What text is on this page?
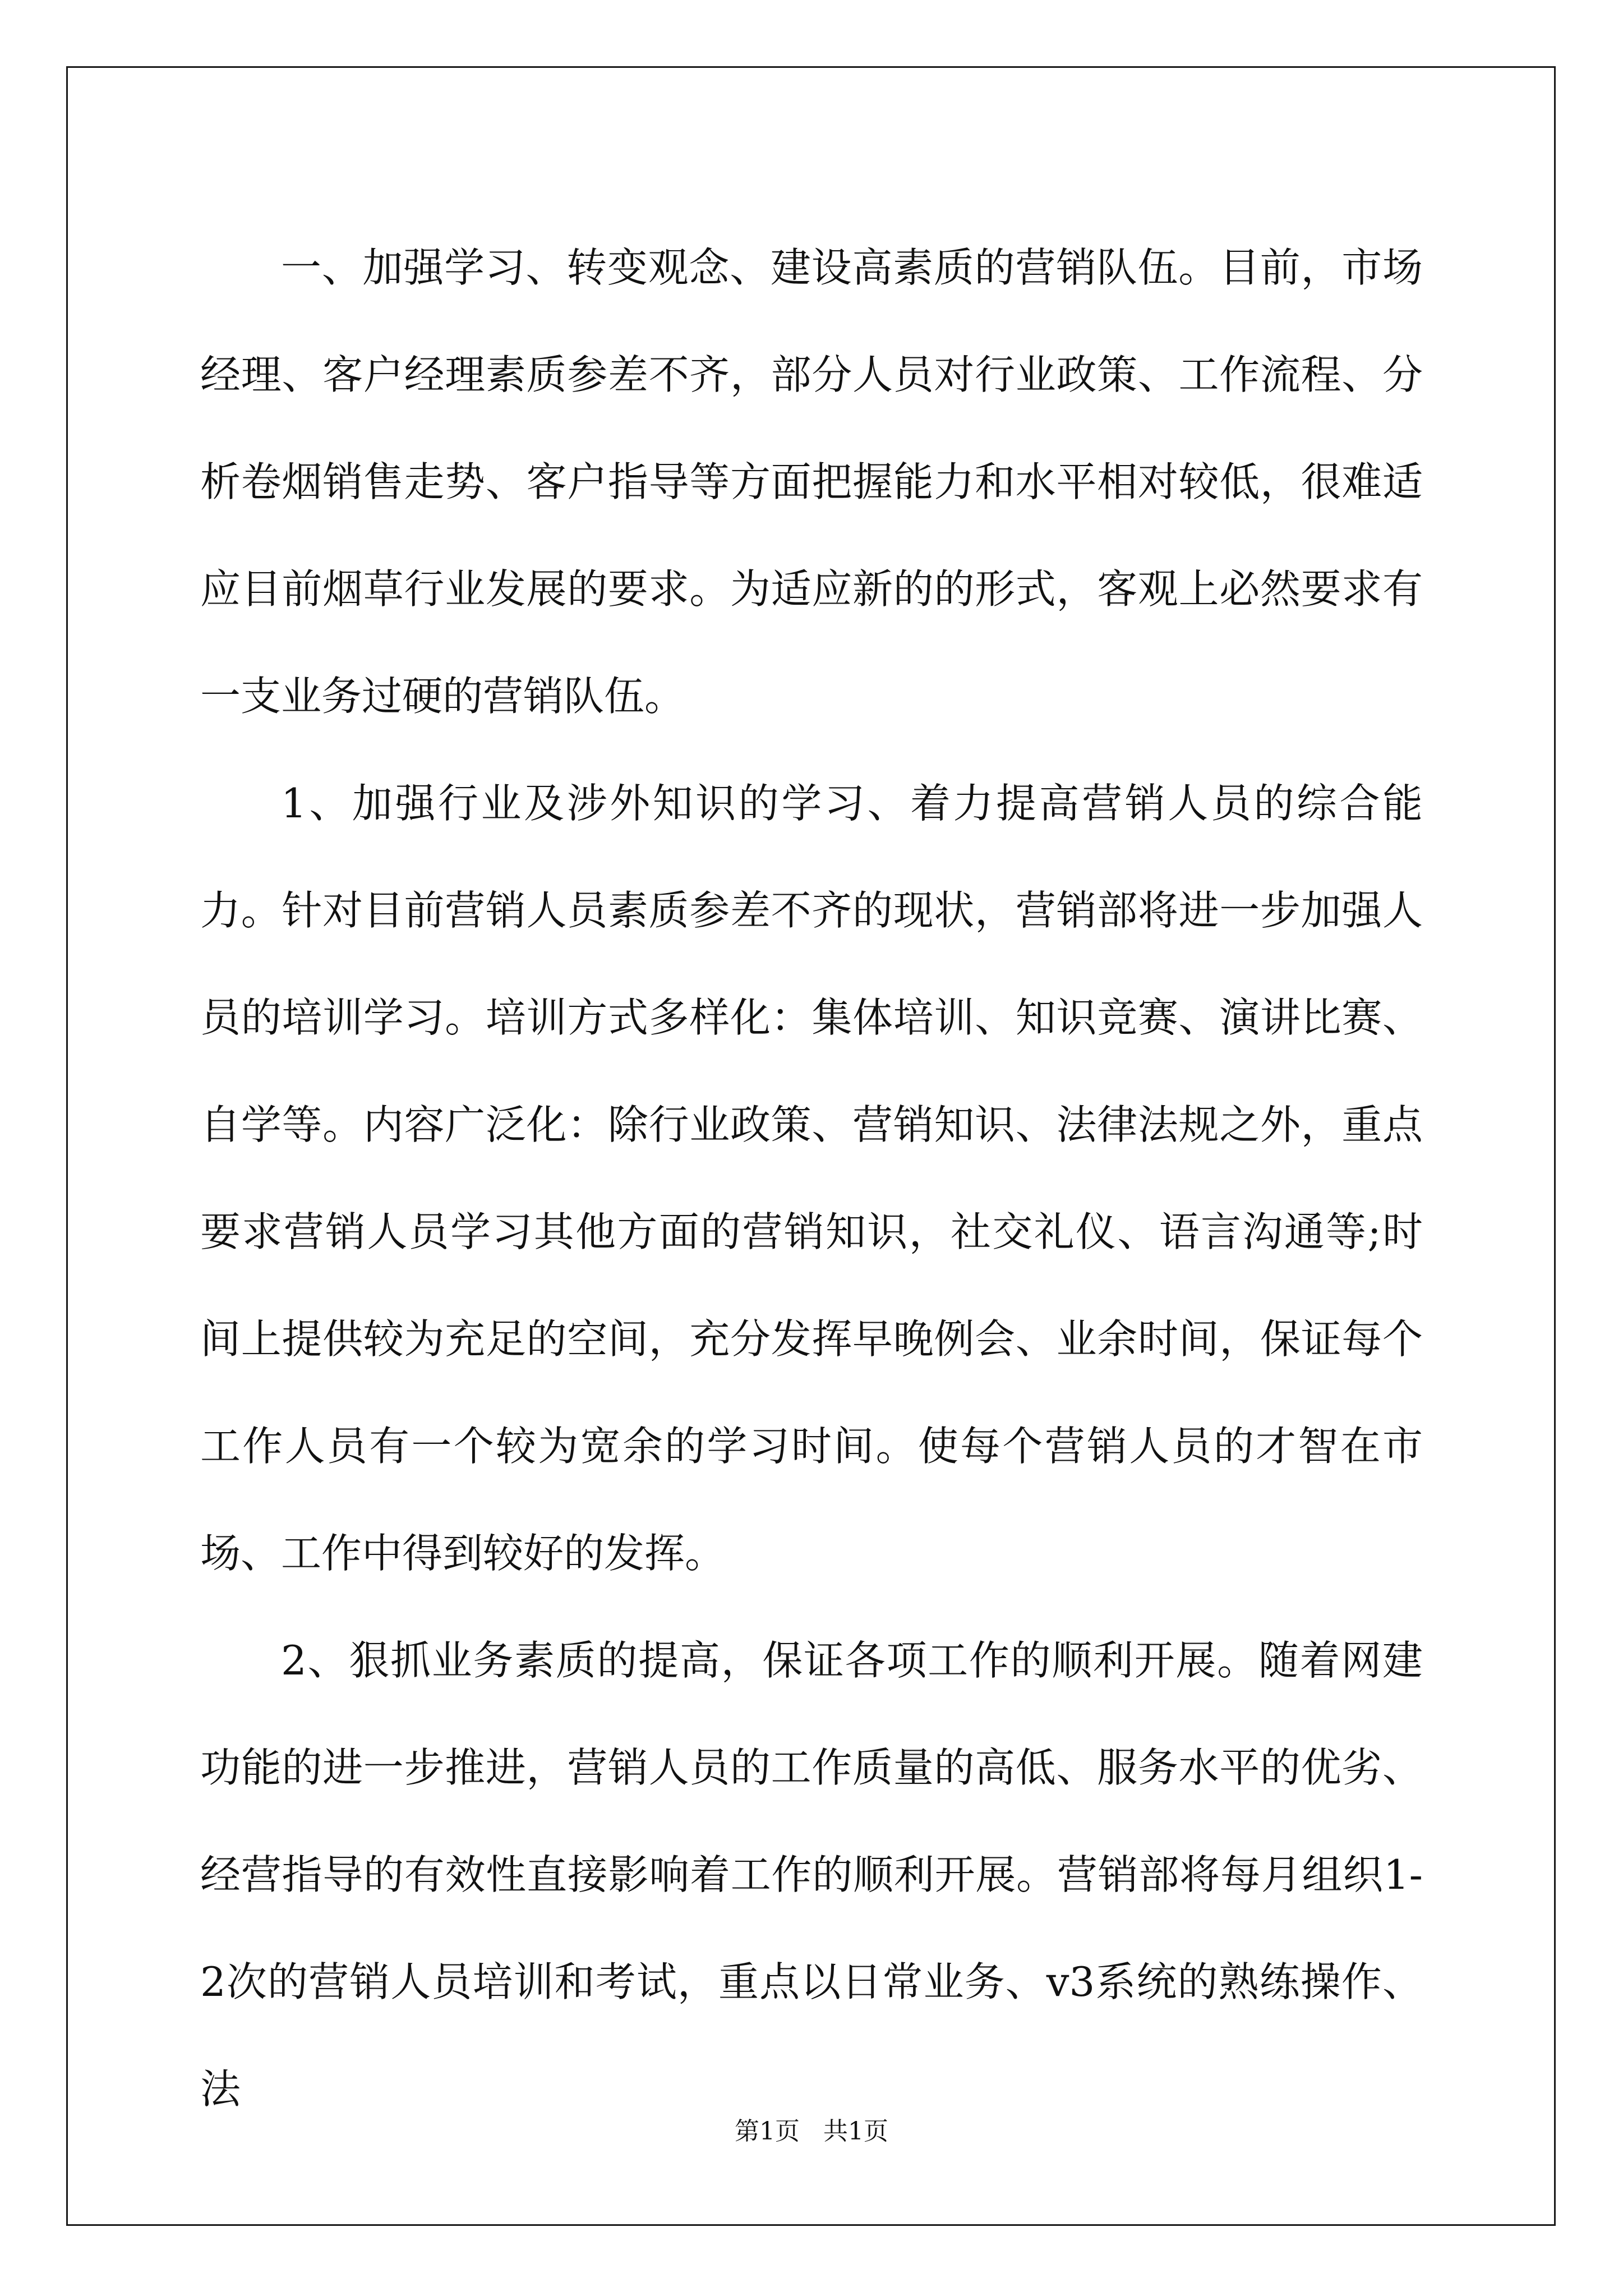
一、加强学习、转变观念、建设高素质的营销队伍。目前，市场经理、客户经理素质参差不齐，部分人员对行业政策、工作流程、分析卷烟销售走势、客户指导等方面把握能力和水平相对较低，很难适应目前烟草行业发展的要求。为适应新的的形式，客观上必然要求有一支业务过硬的营销队伍。

1、加强行业及涉外知识的学习、着力提高营销人员的综合能力。针对目前营销人员素质参差不齐的现状，营销部将进一步加强人员的培训学习。培训方式多样化：集体培训、知识竞赛、演讲比赛、自学等。内容广泛化：除行业政策、营销知识、法律法规之外，重点要求营销人员学习其他方面的营销知识，社交礼仪、语言沟通等;时间上提供较为充足的空间，充分发挥早晚例会、业余时间，保证每个工作人员有一个较为宽余的学习时间。使每个营销人员的才智在市场、工作中得到较好的发挥。

2、狠抓业务素质的提高，保证各项工作的顺利开展。随着网建功能的进一步推进，营销人员的工作质量的高低、服务水平的优劣、经营指导的有效性直接影响着工作的顺利开展。营销部将每月组织1-2次的营销人员培训和考试，重点以日常业务、v3系统的熟练操作、法

第1页   共1页
